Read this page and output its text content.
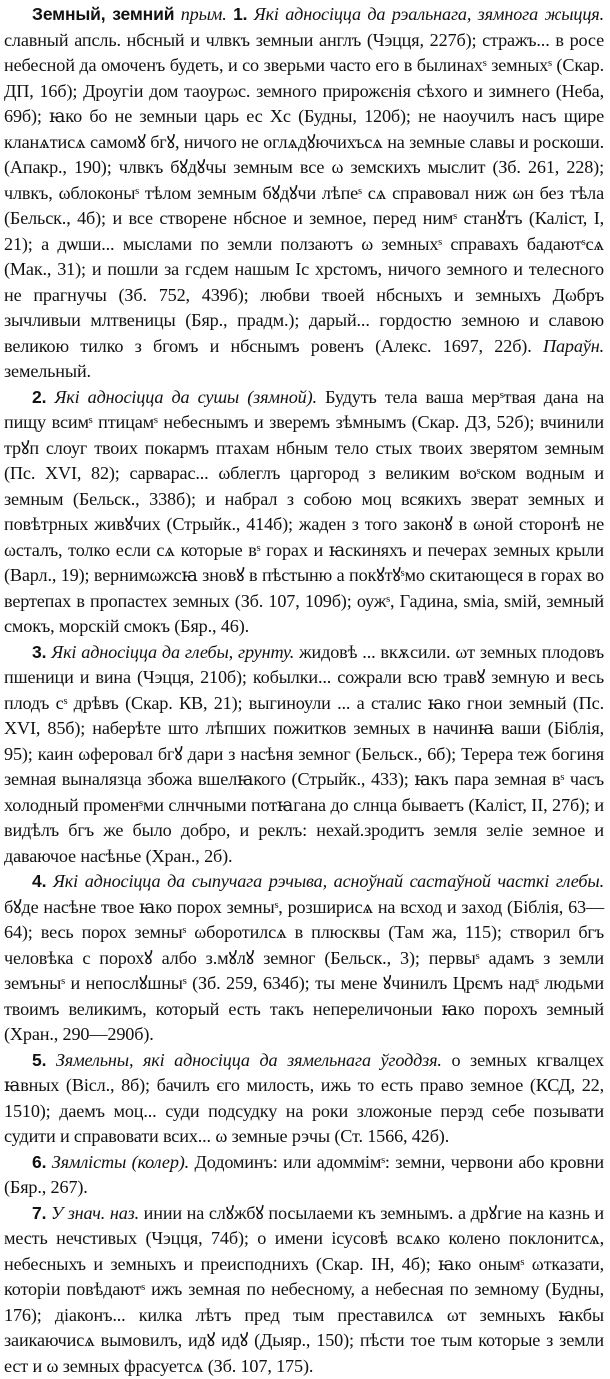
Земный, земний прым. 1. Які адносіцца да рэальнага, зямнога жыцця. славный апсль. нбсный и члвкъ земныи англъ (Чэцця, 227б); стражъ... в росе небесной да омоченъ будеть, и со зверьми часто его в былинахˢ земныхˢ (Скар. ДП, 16б); Дроугіи дом таоурωс. земного прирожєнія сѣхого и зимнего (Неба, 69б); ꙗко бо не земныи царь ес Хс (Будны, 120б); не наоучилъ насъ щире кланѧтисѧ самомꙋ бгꙋ, ничого не оглѧдꙋючихъсѧ на земные славы и роскоши. (Апакр., 190); члвкъ бꙋдꙋчы земным все ω земскихъ мыслит (Зб. 261, 228); члвкъ, ωблоконыˢ тѣлом земным бꙋдꙋчи лѣпеˢ сѧ справовал ниж ωн без тѣла (Бельск., 4б); и все створене нбсное и земное, перед нимˢ станꙋтъ (Каліст, I, 21); а дѡши... мыслами по земли ползаютъ ω земныхˢ справахъ бадаютˢсѧ (Мак., 31); и пошли за гсдем нашым Іс хрстомъ, ничого земного и телесного не прагнучы (Зб. 752, 439б); любви твоей нбсныхъ и земныхъ Дωбръ зычливыи млтвеницы (Бяр., прадм.); дарый... гордостю земною и славою великою тилко з бгомъ и нбснымъ ровенъ (Алекс. 1697, 22б). Параўн. земельный.

2. Які адносіцца да сушы (зямной). Будуть тела ваша мерˢтвая дана на пищу всимˢ птицамˢ небеснымъ и зверемъ зѣмнымъ (Скар. ДЗ, 52б); вчинили трꙋп слоуг твоих покармъ птахам нбным тело стых твоих зверятом земным (Пс. XVI, 82); сарварас... ωблеглъ царгород з великим воˢском водным и земным (Бельск., 338б); и набрал з собою моц всякихъ зверат земных и повѣтрных живꙋчих (Стрыйк., 414б); жаден з того законꙋ в ωной сторонѣ не ωсталъ, толко если сѧ которые вˢ горах и ꙗскиняхъ и печерах земных крыли (Варл., 19); вернимωжсꙗ зновꙋ в пѣстыню а покꙋтꙋˢмо скитающеся в горах во вертепах в пропастех земных (Зб. 107, 109б); оужˢ, Гадина, ѕміа, ѕмій, земный смокъ, морскій смокъ (Бяр., 46).

3. Які адносіцца да глебы, грунту. жидовѣ ... вкѫсили. ωт земных плодовъ пшеници и вина (Чэцця, 210б); кобылки... сожрали всю травꙋ земную и весь плодъ сˢ дрѣвъ (Скар. КВ, 21); выгиноули ... а сталис ꙗко гнои земный (Пс. XVI, 85б); наберѣте што лѣпших пожитков земных в начинꙗ ваши (Біблія, 95); каин ωферовал бгꙋ дари з насѣня земног (Бельск., 6б); Терера теж богиня земная выналязца збожа вшелꙗкого (Стрыйк., 433); ꙗкъ пара земная вˢ часъ холодный променˢми слнчными потꙗгана до слнца бываетъ (Каліст, II, 27б); и видѣлъ бгъ же было добро, и реклъ: нехай.зродитъ земля зелie земное и даваючое насѣнье (Хран., 2б).

4. Які адносіцца да сыпучага рэчыва, асноўнай састаўной часткі глебы. бꙋде насѣне твое ꙗко порох земныˢ, розширисѧ на всход и заход (Біблія, 63—64); весь порох земныˢ ωборотилсѧ в плюсквы (Там жа, 115); створил бгъ человѣка с порохꙋ албо з.мꙋлꙋ земног (Бельск., 3); первыˢ адамъ з земли земъныˢ и непослꙋшныˢ (Зб. 259, 634б); ты мене ꙋчинилъ Црємъ надˢ людьми твоимъ великимъ, который есть такъ непереличоныи ꙗко порохъ земный (Хран., 290—290б).

5. Зямельны, які адносіцца да зямельнага ўгоддзя. о земных кгвалцех ꙗвных (Вісл., 8б); бачилъ єго милость, ижь то есть право земное (КСД, 22, 1510); даемъ моц... суди подсудку на роки зложоные перэд себе позывати судити и справовати всих... ω земные рэчы (Ст. 1566, 42б).

6. Зямлісты (колер). Додоминъ: или адоммімˢ: земни, червони або кровни (Бяр., 267).

7. У знач. наз. инии на слꙋжбꙋ посылаеми къ земнымъ. а дрꙋгие на казнь и месть нечстивых (Чэцця, 74б); о имени ісусовѣ всѧко колено поклонитсѧ, небесныхъ и земныхъ и преисподнихъ (Скар. ІН, 4б); ꙗко онымˢ ωтказати, которіи повѣдаютˢ ижъ земная по небесному, а небесная по земному (Будны, 176); діаконъ... килка лѣтъ пред тым преставилсѧ ωт земныхъ ꙗкбы заикаючисѧ вымовилъ, идꙋ идꙋ (Дыяр., 150); пѣсти тое тым которые з земли ест и ω земных фрасуетсѧ (Зб. 107, 175).
